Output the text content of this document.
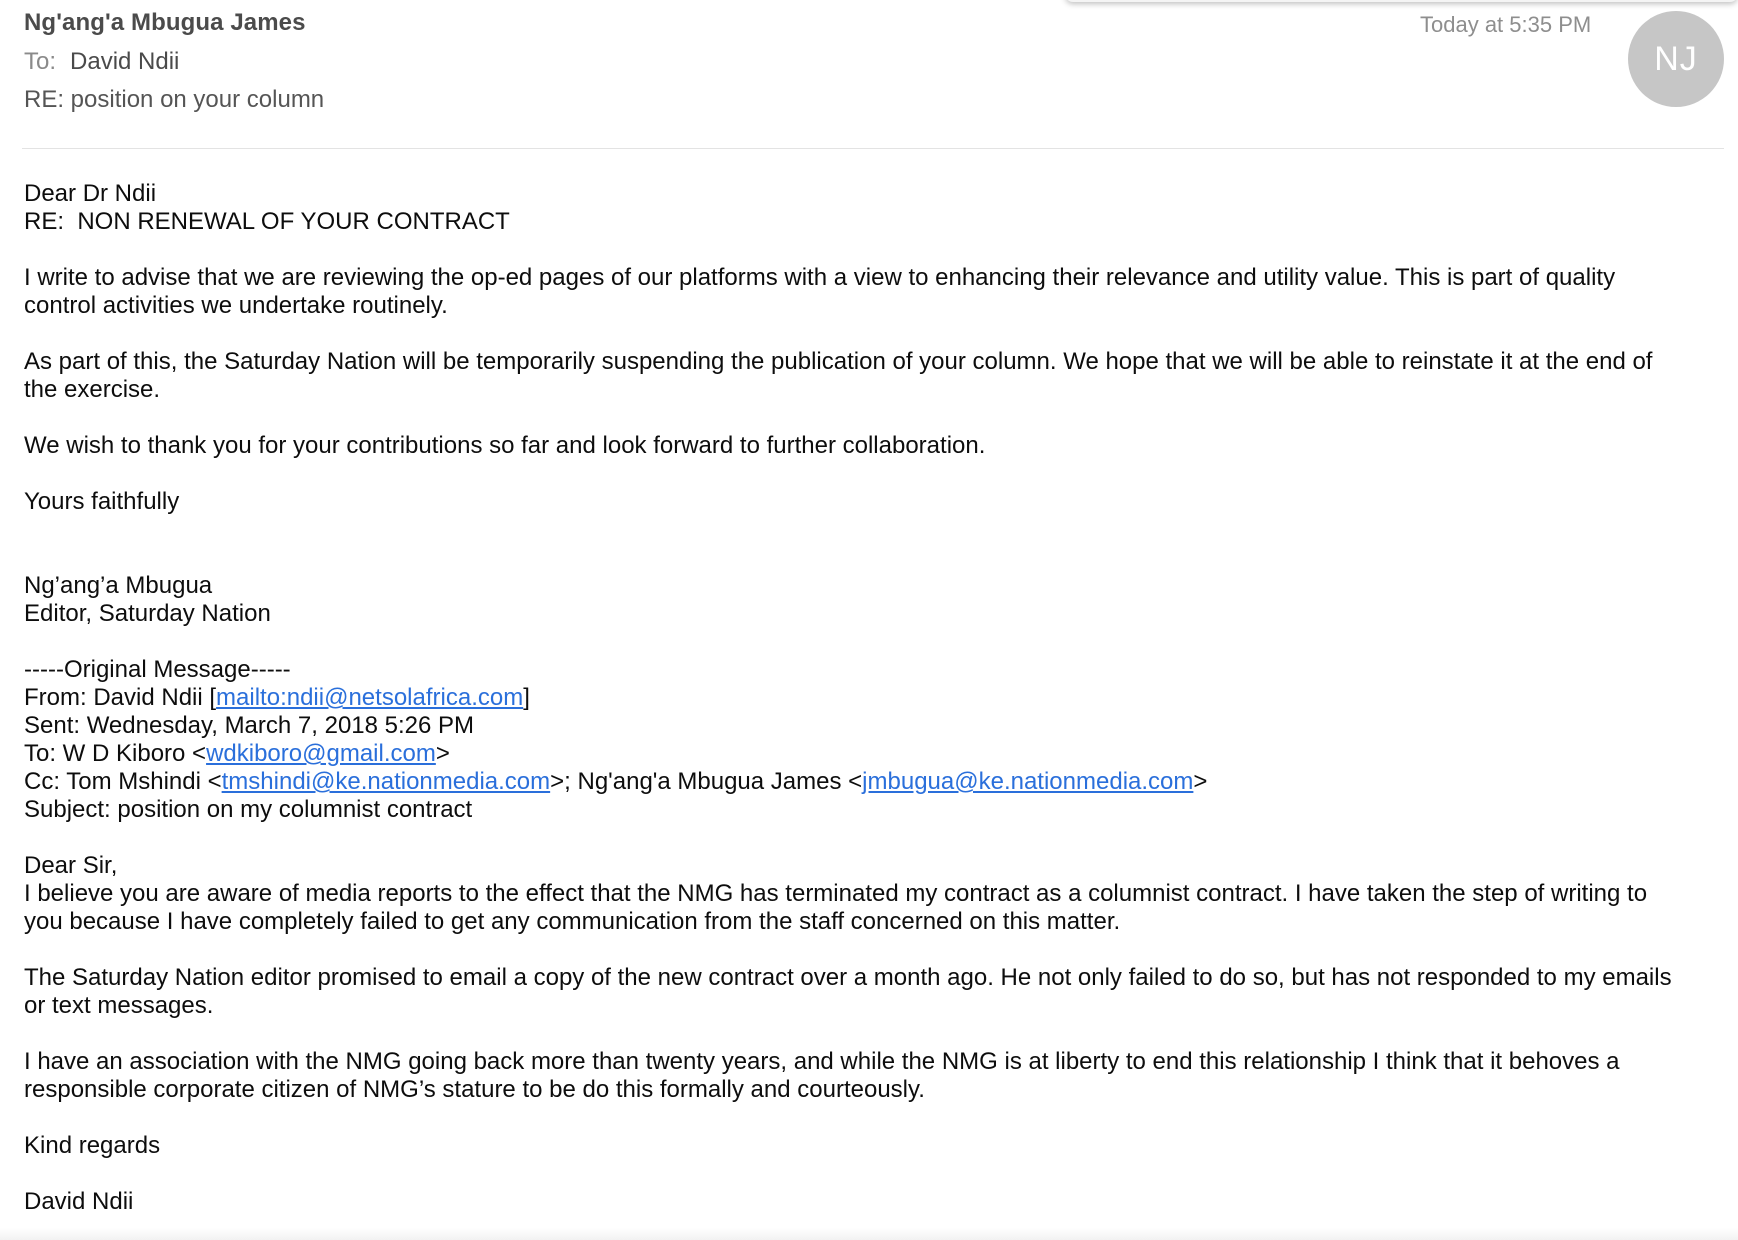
Ng'ang'a Mbugua James
To: David Ndii
RE: position on your column
Today at 5:35 PM
NJ
Dear Dr Ndii
RE:  NON RENEWAL OF YOUR CONTRACT

I write to advise that we are reviewing the op-ed pages of our platforms with a view to enhancing their relevance and utility value. This is part of quality control activities we undertake routinely.

As part of this, the Saturday Nation will be temporarily suspending the publication of your column. We hope that we will be able to reinstate it at the end of the exercise.

We wish to thank you for your contributions so far and look forward to further collaboration.

Yours faithfully
Ng’ang’a Mbugua
Editor, Saturday Nation
-----Original Message-----
From: David Ndii [mailto:ndii@netsolafrica.com]
Sent: Wednesday, March 7, 2018 5:26 PM
To: W D Kiboro <wdkiboro@gmail.com>
Cc: Tom Mshindi <tmshindi@ke.nationmedia.com>; Ng'ang'a Mbugua James <jmbugua@ke.nationmedia.com>
Subject: position on my columnist contract
Dear Sir,

I believe you are aware of media reports to the effect that the NMG has terminated my contract as a columnist contract. I have taken the step of writing to you because I have completely failed to get any communication from the staff concerned on this matter.

The Saturday Nation editor promised to email a copy of the new contract over a month ago. He not only failed to do so, but has not responded to my emails or text messages.

I have an association with the NMG going back more than twenty years, and while the NMG is at liberty to end this relationship I think that it behoves a responsible corporate citizen of NMG’s stature to be do this formally and courteously.

Kind regards
David Ndii
